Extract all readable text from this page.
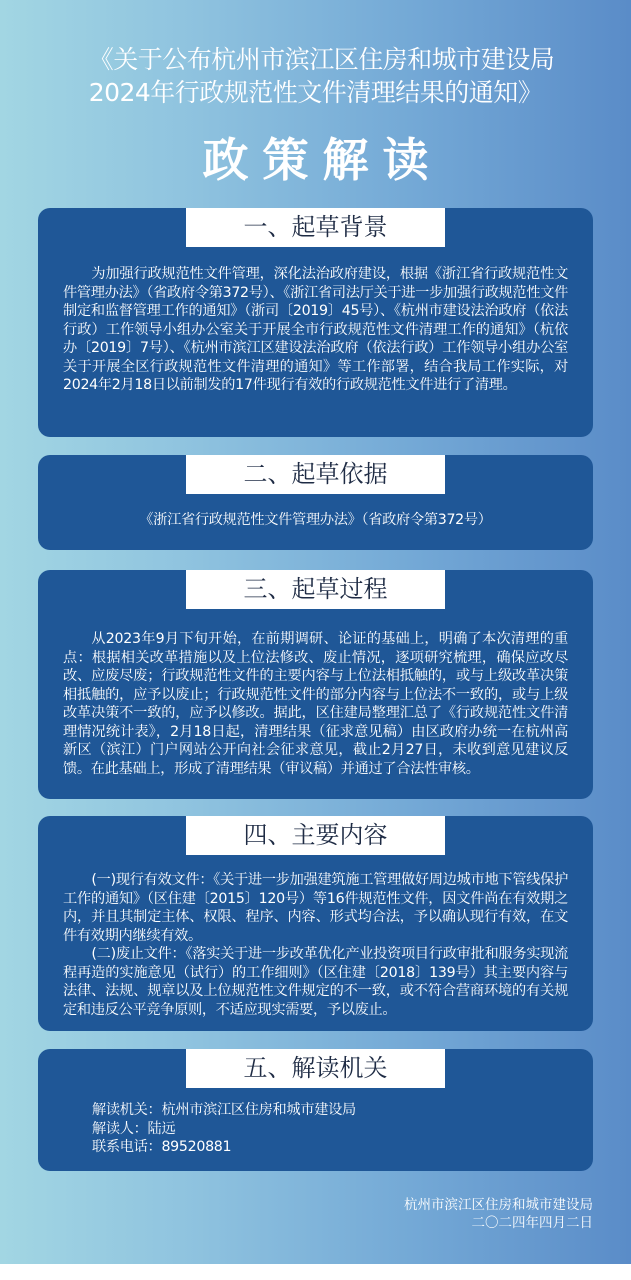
《关于公布杭州市滨江区住房和城市建设局
2024年行政规范性文件清理结果的通知》
政策解读
一、起草背景

为加强行政规范性文件管理，深化法治政府建设，根据《浙江省行政规范性文件管理办法》（省政府令第372号）、《浙江省司法厅关于进一步加强行政规范性文件制定和监督管理工作的通知》（浙司〔2019〕45号）、《杭州市建设法治政府（依法行政）工作领导小组办公室关于开展全市行政规范性文件清理工作的通知》（杭依办〔2019〕7号）、《杭州市滨江区建设法治政府（依法行政）工作领导小组办公室关于开展全区行政规范性文件清理的通知》等工作部署，结合我局工作实际，对2024年2月18日以前制发的17件现行有效的行政规范性文件进行了清理。

二、起草依据

《浙江省行政规范性文件管理办法》（省政府令第372号）

三、起草过程

从2023年9月下旬开始，在前期调研、论证的基础上，明确了本次清理的重点：根据相关改革措施以及上位法修改、废止情况，逐项研究梳理，确保应改尽改、应废尽废；行政规范性文件的主要内容与上位法相抵触的，或与上级改革决策相抵触的，应予以废止；行政规范性文件的部分内容与上位法不一致的，或与上级改革决策不一致的，应予以修改。据此，区住建局整理汇总了《行政规范性文件清理情况统计表》，2月18日起，清理结果（征求意见稿）由区政府办统一在杭州高新区（滨江）门户网站公开向社会征求意见，截止2月27日，未收到意见建议反馈。在此基础上，形成了清理结果（审议稿）并通过了合法性审核。

四、主要内容

(一)现行有效文件：《关于进一步加强建筑施工管理做好周边城市地下管线保护工作的通知》（区住建〔2015〕120号）等16件规范性文件，因文件尚在有效期之内，并且其制定主体、权限、程序、内容、形式均合法，予以确认现行有效，在文件有效期内继续有效。

(二)废止文件：《落实关于进一步改革优化产业投资项目行政审批和服务实现流程再造的实施意见（试行）的工作细则》（区住建〔2018〕139号）其主要内容与法律、法规、规章以及上位规范性文件规定的不一致，或不符合营商环境的有关规定和违反公平竞争原则，不适应现实需要，予以废止。

五、解读机关

解读机关：杭州市滨江区住房和城市建设局

解读人：陆远

联系电话：89520881

杭州市滨江区住房和城市建设局
二〇二四年四月二日
